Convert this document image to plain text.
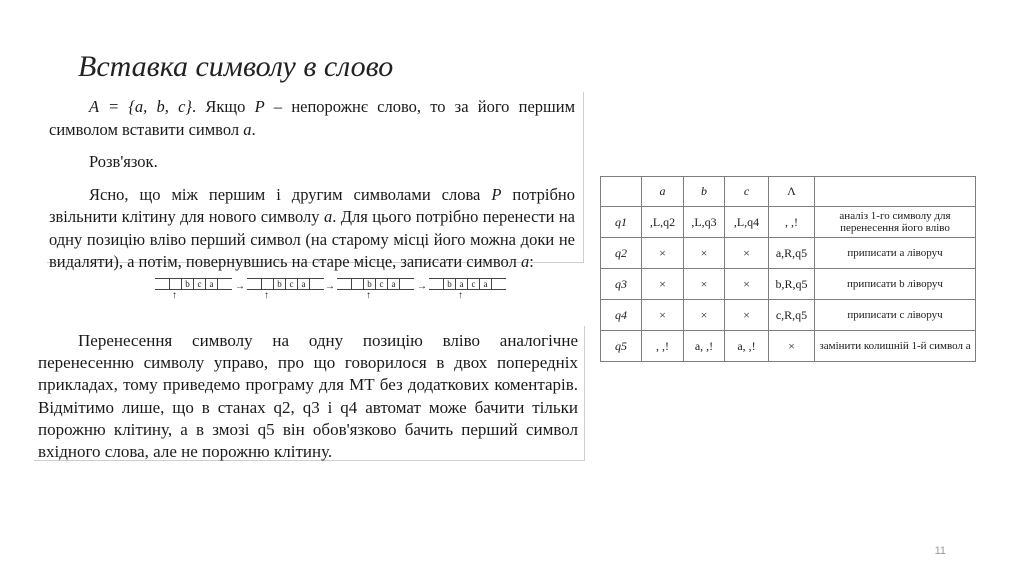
Вставка символу в слово

A = {a, b, c}. Якщо P – непорожнє слово, то за його першим символом вставити символ a.

Розв'язок.

Ясно, що між першим і другим символами слова P потрібно звільнити клітину для нового символу a. Для цього потрібно перенести на одну позицію вліво перший символ (на старому місці його можна доки не видаляти), а потім, повернувшись на старе місце, записати символ a:

b c a
↑
→	b c a
↑
→	b c a
↑
→	b a c a
↑

Перенесення символу на одну позицію вліво аналогічне перенесенню символу управо, про що говорилося в двох попередніх прикладах, тому приведемо програму для МТ без додаткових коментарів. Відмітимо лише, що в станах q2, q3 і q4 автомат може бачити тільки порожню клітину, а в змозі q5 він обов'язково бачить перший символ вхідного слова, але не порожню клітину.

	a	b	c	Λ	
q1	,L,q2	,L,q3	,L,q4	, ,!	аналіз 1-го символу для перенесення його вліво
q2	×	×	×	a,R,q5	приписати a ліворуч
q3	×	×	×	b,R,q5	приписати b ліворуч
q4	×	×	×	c,R,q5	приписати c ліворуч
q5	, ,!	a, ,!	a, ,!	×	замінити колишній 1-й символ a
11
